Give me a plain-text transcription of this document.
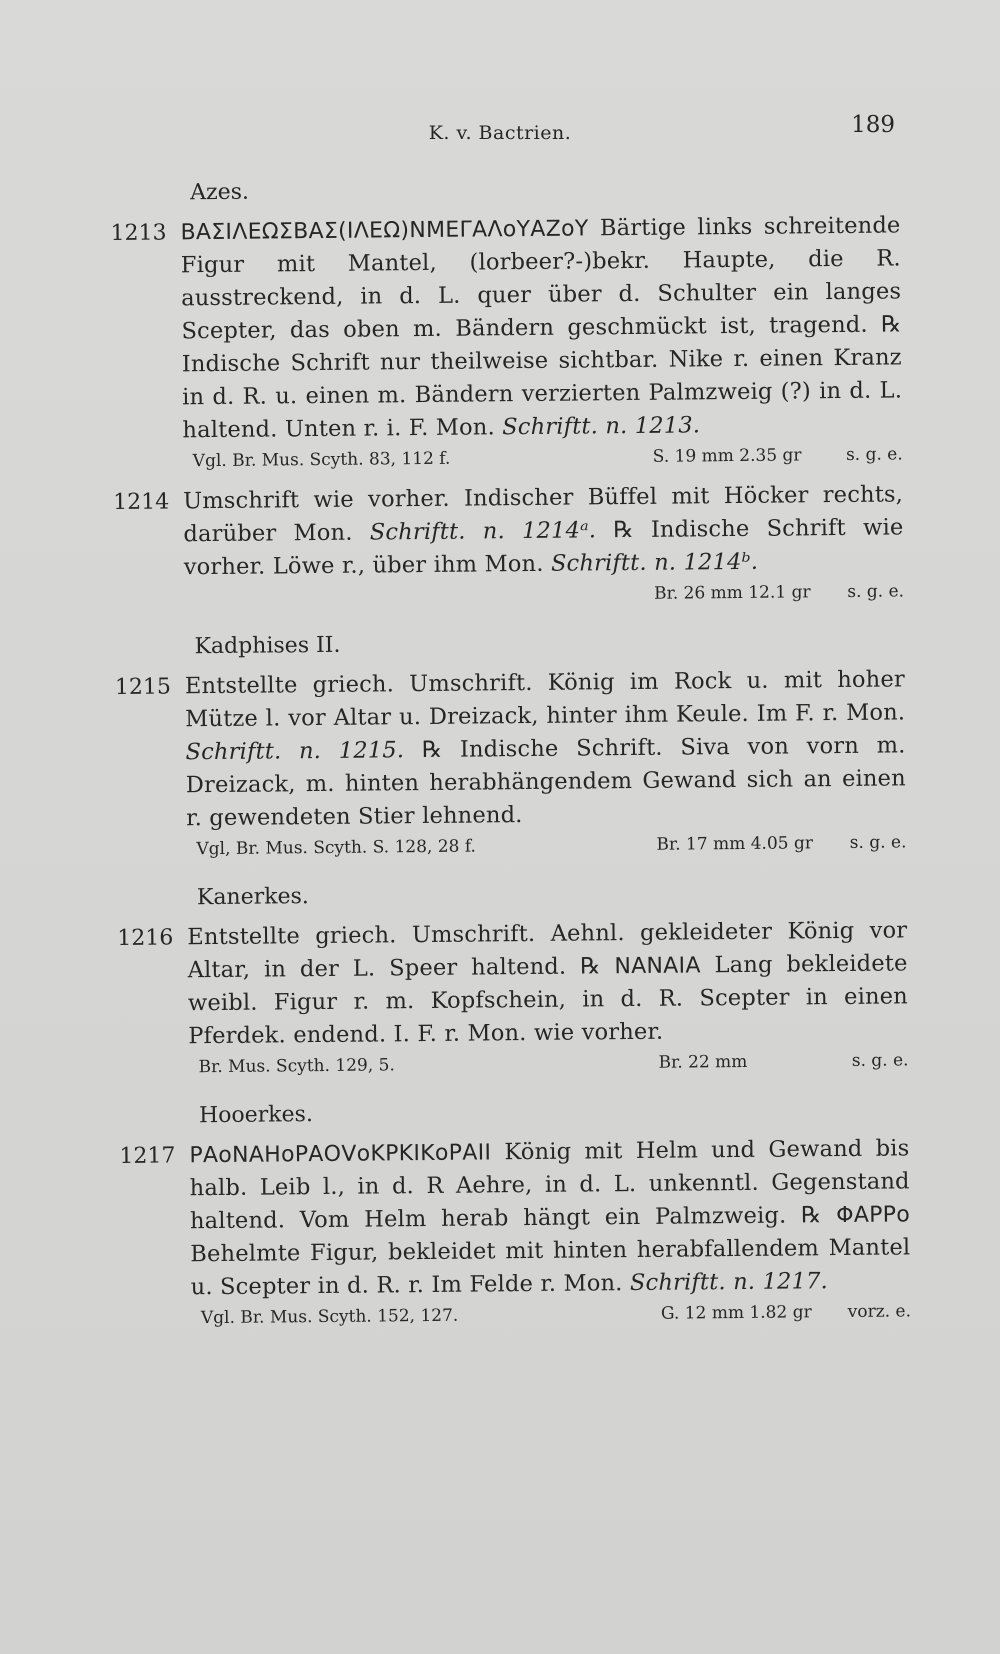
K. v. Bactrien.	189
Azes.
1213 ΒΑΣΙΛΕΩΣΒΑΣ(ΙΛΕΩ)ΝΜΕΓΑΛοΥΑΖοΥ Bärtige links schreitende Figur mit Mantel, (lorbeer?-)bekr. Haupte, die R. ausstreckend, in d. L. quer über d. Schulter ein langes Scepter, das oben m. Bändern geschmückt ist, tragend. ℞ Indische Schrift nur theilweise sichtbar. Nike r. einen Kranz in d. R. u. einen m. Bändern verzierten Palmzweig (?) in d. L. haltend. Unten r. i. F. Mon. Schriftt. n. 1213.
Vgl. Br. Mus. Scyth. 83, 112 f.	S. 19 mm 2.35 gr	s. g. e.
1214 Umschrift wie vorher. Indischer Büffel mit Höcker rechts, darüber Mon. Schriftt. n. 1214ᵃ. ℞ Indische Schrift wie vorher. Löwe r., über ihm Mon. Schriftt. n. 1214ᵇ.
Br. 26 mm 12.1 gr	s. g. e.
Kadphises II.
1215 Entstellte griech. Umschrift. König im Rock u. mit hoher Mütze l. vor Altar u. Dreizack, hinter ihm Keule. Im F. r. Mon. Schriftt. n. 1215. ℞ Indische Schrift. Siva von vorn m. Dreizack, m. hinten herabhängendem Gewand sich an einen r. gewendeten Stier lehnend.
Vgl, Br. Mus. Scyth. S. 128, 28 f.	Br. 17 mm 4.05 gr	s. g. e.
Kanerkes.
1216 Entstellte griech. Umschrift. Aehnl. gekleideter König vor Altar, in der L. Speer haltend. ℞ ΝΑΝΑΙΑ Lang bekleidete weibl. Figur r. m. Kopfschein, in d. R. Scepter in einen Pferdek. endend. I. F. r. Mon. wie vorher.
Br. Mus. Scyth. 129, 5.	Br. 22 mm	s. g. e.
Hooerkes.
1217 ΡΑοΝΑΗοΡΑΟVοΚΡΚΙΚοΡΑΙΙ König mit Helm und Gewand bis halb. Leib l., in d. R Aehre, in d. L. unkenntl. Gegenstand haltend. Vom Helm herab hängt ein Palmzweig. ℞ ΦΑΡΡο Behelmte Figur, bekleidet mit hinten herabfallendem Mantel u. Scepter in d. R. r. Im Felde r. Mon. Schriftt. n. 1217.
Vgl. Br. Mus. Scyth. 152, 127.	G. 12 mm 1.82 gr	vorz. e.
